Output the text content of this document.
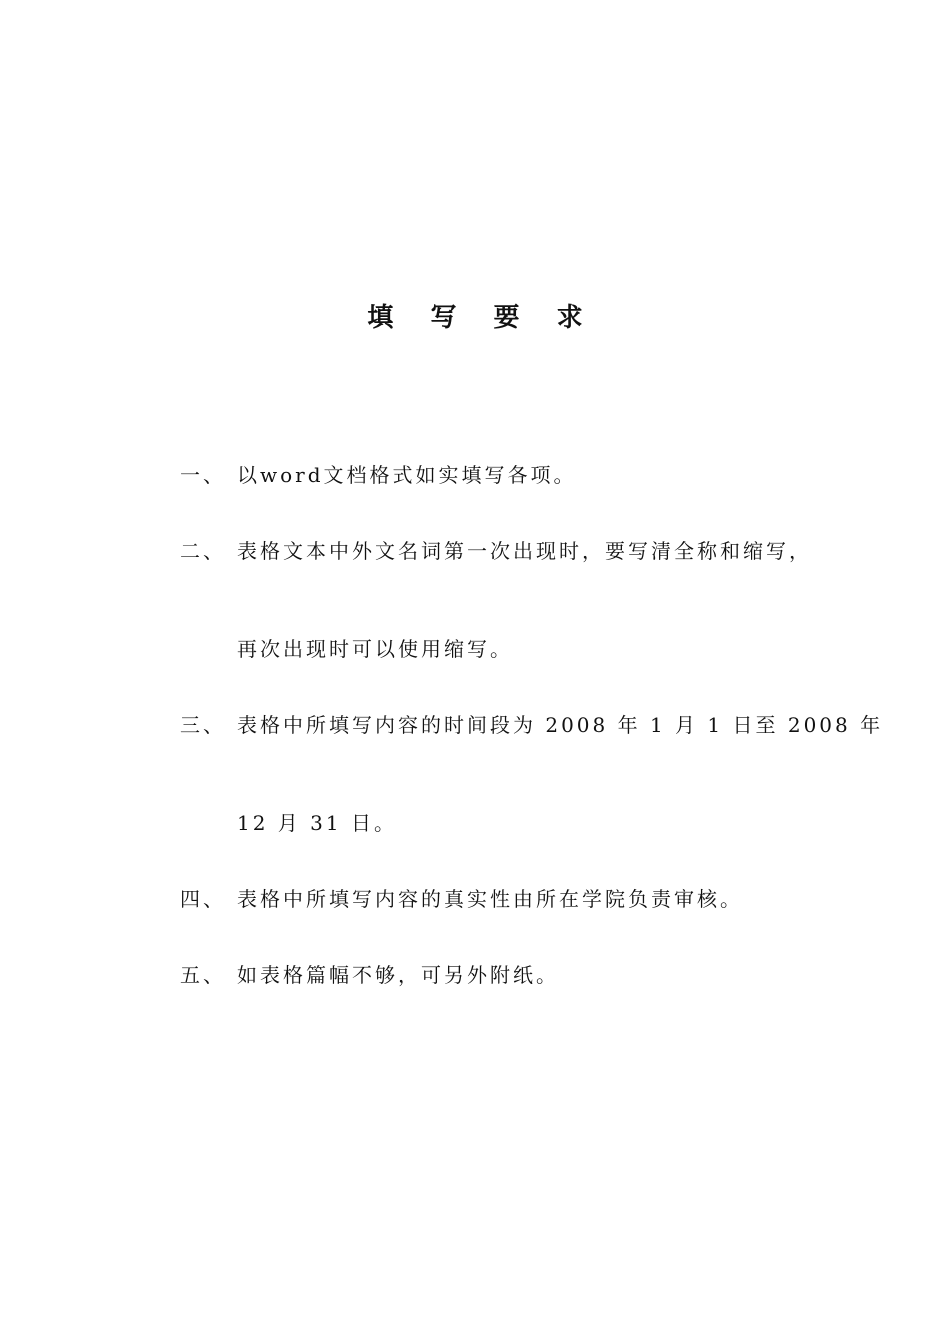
填 写 要 求
一、 以word文档格式如实填写各项。
二、 表格文本中外文名词第一次出现时，要写清全称和缩写，
再次出现时可以使用缩写。
三、 表格中所填写内容的时间段为 2008 年 1 月 1 日至 2008 年
12 月 31 日。
四、 表格中所填写内容的真实性由所在学院负责审核。
五、 如表格篇幅不够，可另外附纸。
